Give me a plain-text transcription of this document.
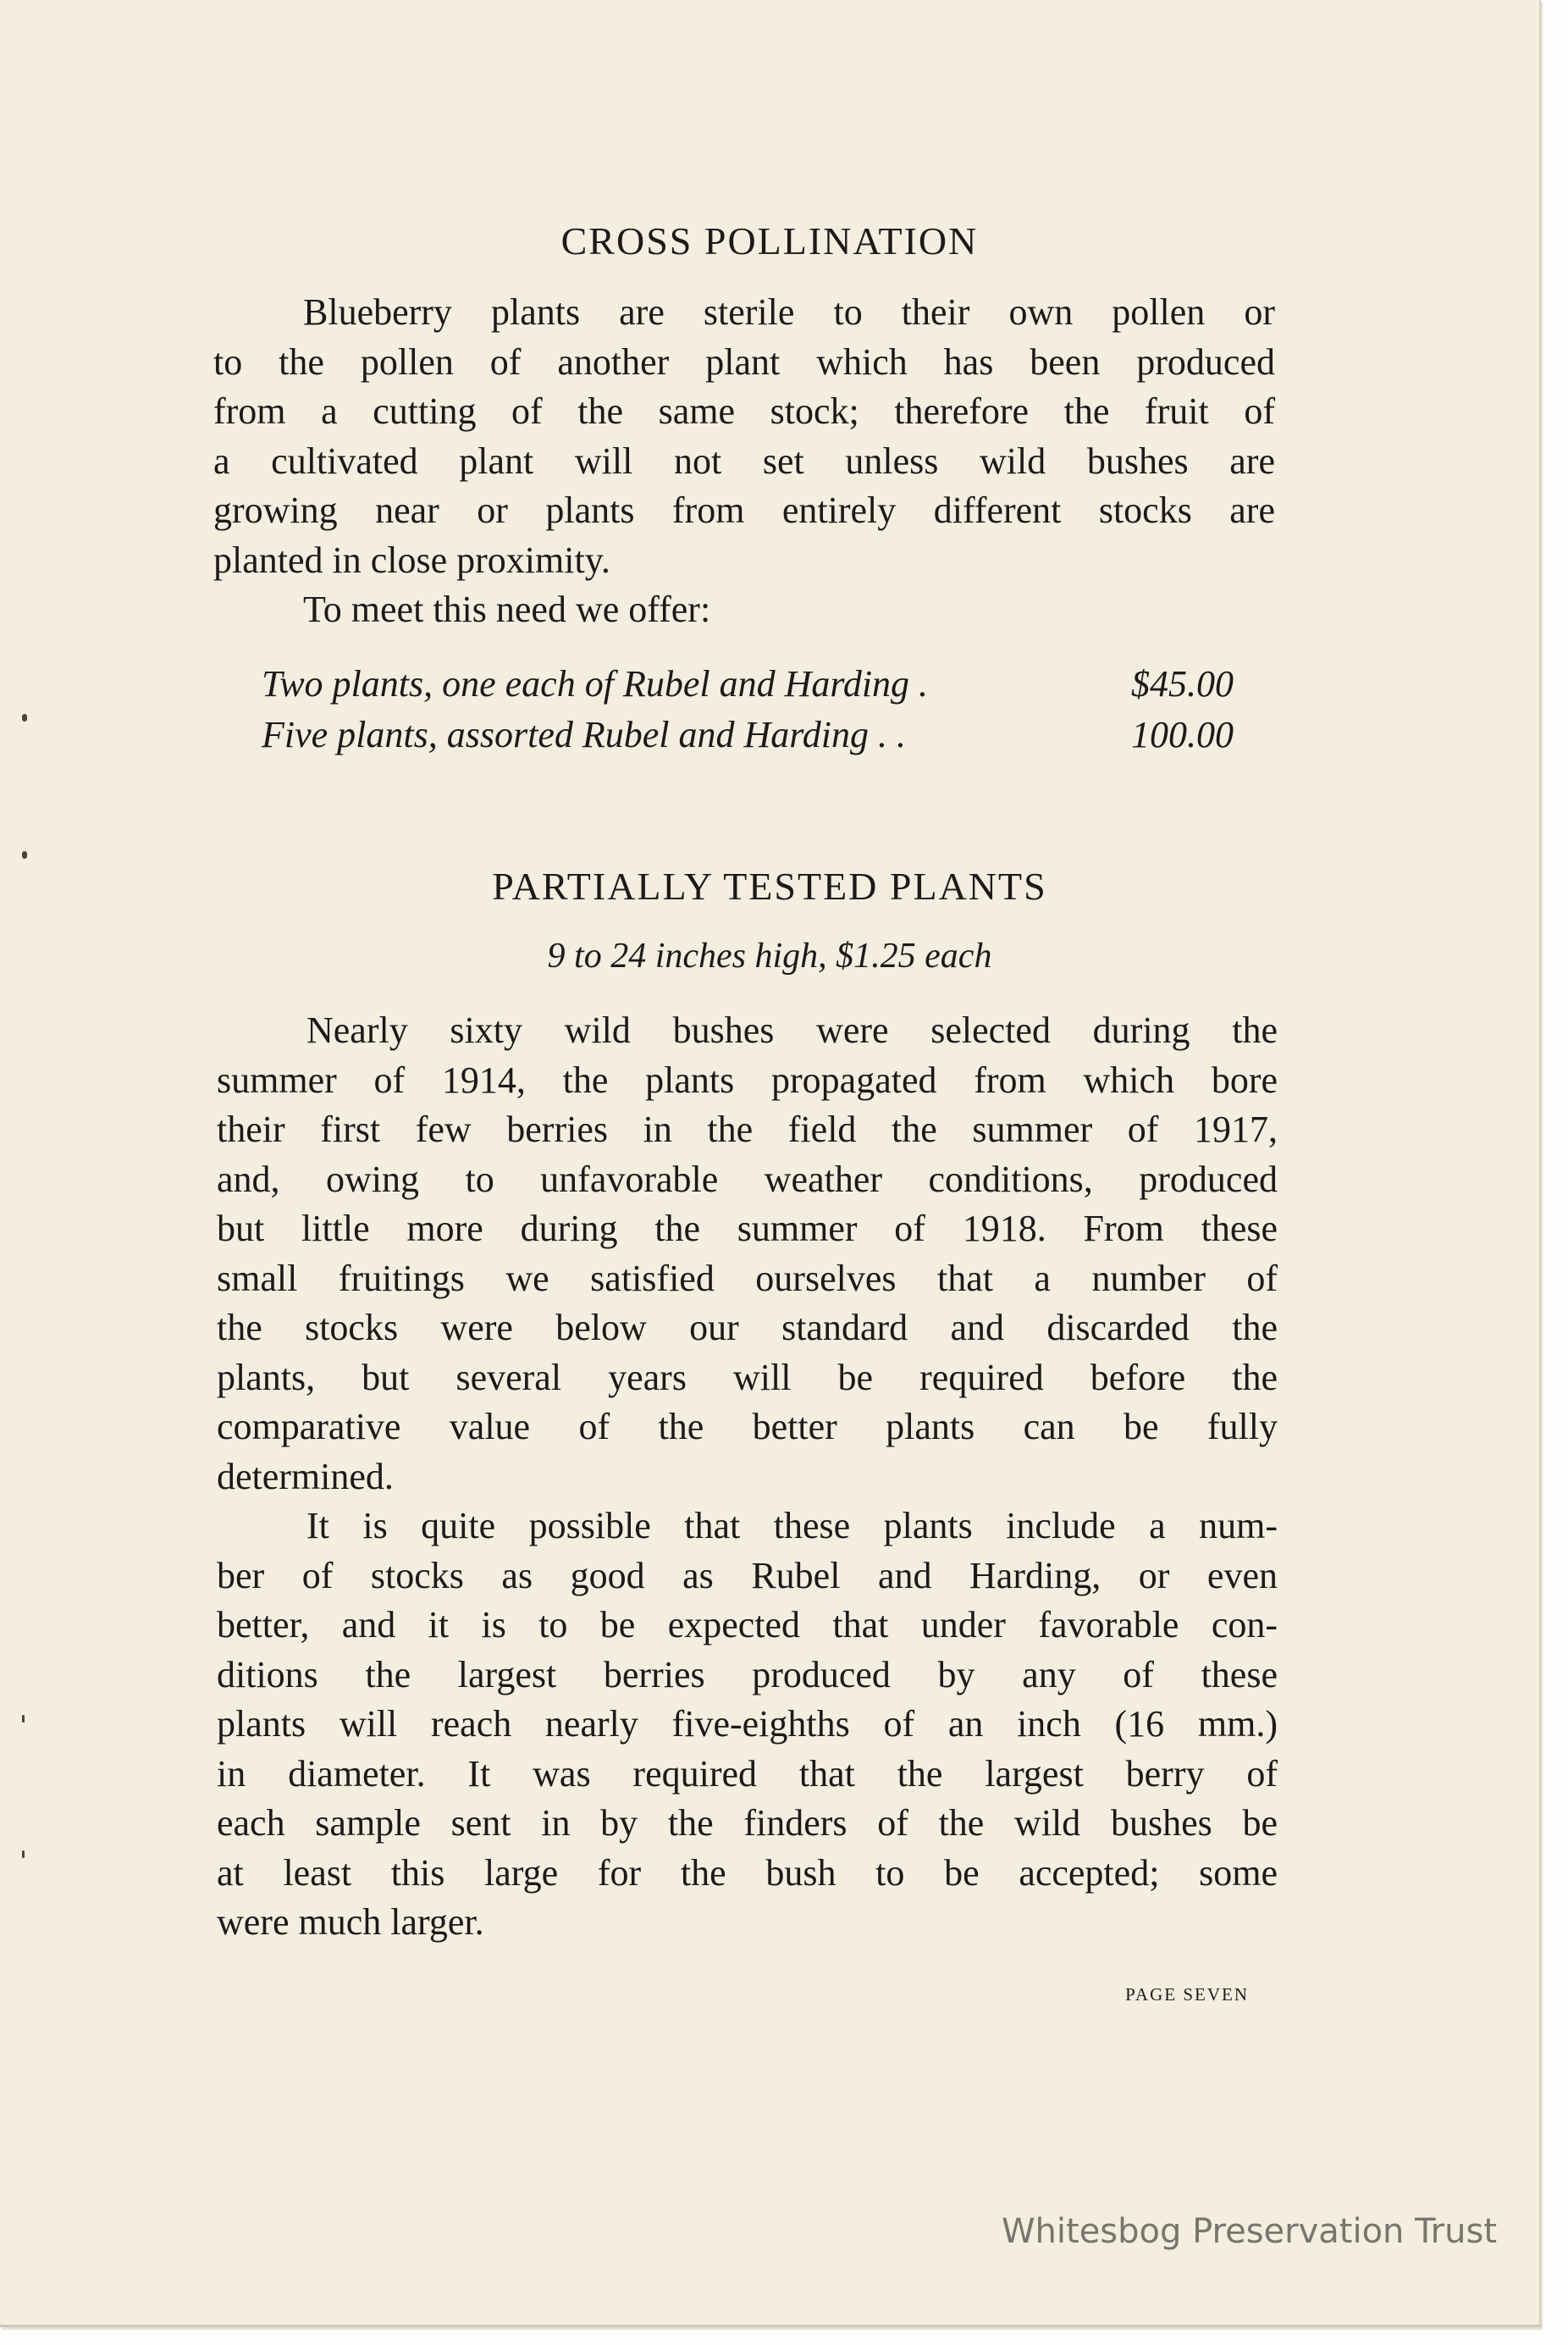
CROSS POLLINATION
Blueberry plants are sterile to their own pollen or
to the pollen of another plant which has been produced
from a cutting of the same stock; therefore the fruit of
a cultivated plant will not set unless wild bushes are
growing near or plants from entirely different stocks are
planted in close proximity.
To meet this need we offer:
Two plants, one each of Rubel and Harding .	$45.00
Five plants, assorted Rubel and Harding . .	100.00
PARTIALLY TESTED PLANTS
9 to 24 inches high, $1.25 each
Nearly sixty wild bushes were selected during the
summer of 1914, the plants propagated from which bore
their first few berries in the field the summer of 1917,
and, owing to unfavorable weather conditions, produced
but little more during the summer of 1918. From these
small fruitings we satisfied ourselves that a number of
the stocks were below our standard and discarded the
plants, but several years will be required before the
comparative value of the better plants can be fully
determined.
It is quite possible that these plants include a num-
ber of stocks as good as Rubel and Harding, or even
better, and it is to be expected that under favorable con-
ditions the largest berries produced by any of these
plants will reach nearly five-eighths of an inch (16 mm.)
in diameter. It was required that the largest berry of
each sample sent in by the finders of the wild bushes be
at least this large for the bush to be accepted; some
were much larger.
PAGE SEVEN
Whitesbog Preservation Trust
